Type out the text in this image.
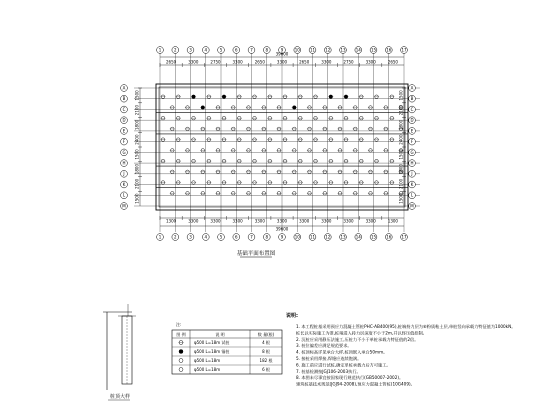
1	2	3	4	5	6	7	8	9	10	11	12	13	14	15	16	17
1	2	3	4	5	6	7	8	9	10	11	12	13	14	15	16	17
A
B
C
D
E
F
G
H
J
K
L
M
A
B
C
D
E
F
G
H
J
K
L
M
39600
2650	3300	2750	3300	2650	3300	2650	3300	2750	3300	2650
1300	3300	3300	3300	3300	3300	3300	3300	3300	3300	1300
39600
1500
2100
1800
2400
1500
1800
2100
1500
1500
2100
1800
2400
1500
1800
2100
1500
基础平面布置图
桩顶大样
注:
图 例	说 明	数 量(根)
φ500 L=18m 试桩	4 根
φ500 L=18m 锚桩	8 根
φ500 L=18m	182 根
φ500 L=18m	6 根
说明:
1. 本工程桩基采用预应力混凝土管桩PHC-AB400(95),桩端持力层为⑥粉质粘土层,单桩竖向承载力特征值为1000kN。
桩长以实际施工为准,桩端进入持力层深度不小于2m,并以终压值控制。
2. 沉桩应采用静压法施工,压桩力不小于单桩承载力特征值的2倍。
3. 桩位偏差应满足规范要求。
4. 桩顶标高详见承台大样,桩顶嵌入承台50mm。
5. 接桩采用焊接,焊缝应连续饱满。
6. 施工前应进行试桩,确定单桩承载力后方可施工。
7. 桩基检测按JGJ106-2003执行。
8. 本图未尽事宜按国家现行规范执行(GB50007-2002)。
建筑桩基技术规范(JGJ94-2008),预应力混凝土管桩(10G409)。
